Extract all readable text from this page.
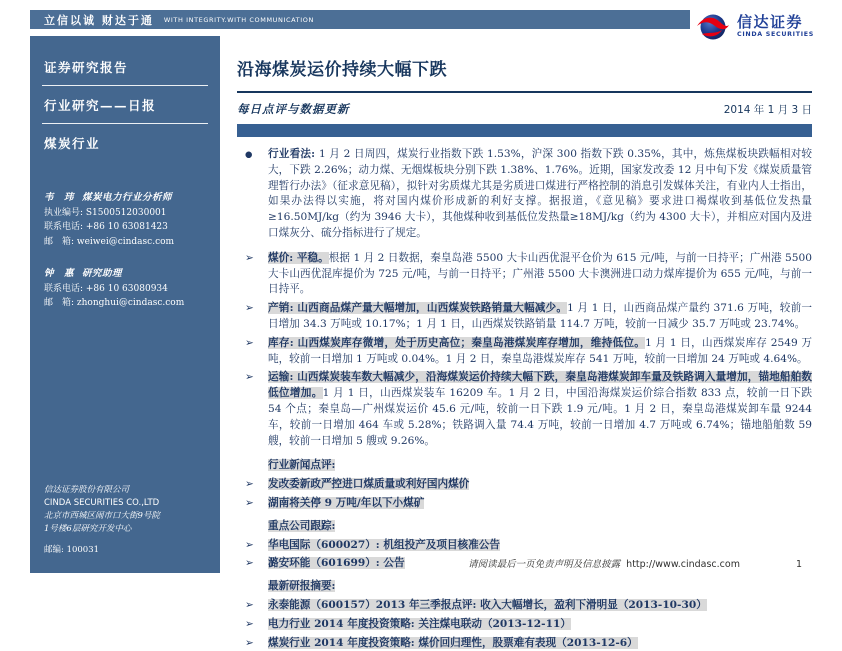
立信以诚 财达于通 WITH INTEGRITY.WITH COMMUNICATION	信达证券
CINDA SECURITIES
证券研究报告
行业研究——日报
煤炭行业
韦　玮 煤炭电力行业分析师
执业编号: S1500512030001
联系电话: +86 10 63081423
邮　箱: weiwei@cindasc.com
钟　惠 研究助理
联系电话: +86 10 63080934
邮　箱: zhonghui@cindasc.com
信达证券股份有限公司
CINDA SECURITIES CO.,LTD
北京市西城区闹市口大街9号院
1号楼6层研究开发中心
邮编: 100031
沿海煤炭运价持续大幅下跌
每日点评与数据更新	2014 年 1 月 3 日
● 行业看法: 1 月 2 日周四，煤炭行业指数下跌 1.53%，沪深 300 指数下跌 0.35%，其中，炼焦煤板块跌幅相对较大，下跌 2.26%；动力煤、无烟煤板块分别下跌 1.38%、1.76%。近期，国家发改委 12 月中旬下发《煤炭质量管理暂行办法》（征求意见稿），拟针对劣质煤尤其是劣质进口煤进行严格控制的消息引发媒体关注，有业内人士指出，如果办法得以实施，将对国内煤价形成新的利好支撑。据报道，《意见稿》要求进口褐煤收到基低位发热量≥16.50MJ/kg（约为 3946 大卡），其他煤种收到基低位发热量≥18MJ/kg（约为 4300 大卡），并相应对国内及进口煤灰分、硫分指标进行了规定。
➢ 煤价: 平稳。根据 1 月 2 日数据，秦皇岛港 5500 大卡山西优混平仓价为 615 元/吨，与前一日持平；广州港 5500 大卡山西优混库提价为 725 元/吨，与前一日持平；广州港 5500 大卡澳洲进口动力煤库提价为 655 元/吨，与前一日持平。
➢ 产销: 山西商品煤产量大幅增加，山西煤炭铁路销量大幅减少。1 月 1 日，山西商品煤产量约 371.6 万吨，较前一日增加 34.3 万吨或 10.17%；1 月 1 日，山西煤炭铁路销量 114.7 万吨，较前一日减少 35.7 万吨或 23.74%。
➢ 库存: 山西煤炭库存微增，处于历史高位；秦皇岛港煤炭库存增加，维持低位。1 月 1 日，山西煤炭库存 2549 万吨，较前一日增加 1 万吨或 0.04%。1 月 2 日，秦皇岛港煤炭库存 541 万吨，较前一日增加 24 万吨或 4.64%。
➢ 运输: 山西煤炭装车数大幅减少，沿海煤炭运价持续大幅下跌，秦皇岛港煤炭卸车量及铁路调入量增加，锚地船舶数低位增加。1 月 1 日，山西煤炭装车 16209 车。1 月 2 日，中国沿海煤炭运价综合指数 833 点，较前一日下跌 54 个点；秦皇岛—广州煤炭运价 45.6 元/吨，较前一日下跌 1.9 元/吨。1 月 2 日，秦皇岛港煤炭卸车量 9244 车，较前一日增加 464 车或 5.28%；铁路调入量 74.4 万吨，较前一日增加 4.7 万吨或 6.74%；锚地船舶数 59 艘，较前一日增加 5 艘或 9.26%。
行业新闻点评:
➢ 发改委新政严控进口煤质量或利好国内煤价
➢ 湖南将关停 9 万吨/年以下小煤矿
重点公司跟踪:
➢ 华电国际（600027）: 机组投产及项目核准公告
➢ 潞安环能（601699）: 公告
最新研报摘要:
➢ 永泰能源（600157）2013 年三季报点评: 收入大幅增长，盈利下滑明显（2013-10-30）
➢ 电力行业 2014 年度投资策略: 关注煤电联动（2013-12-11）
➢ 煤炭行业 2014 年度投资策略: 煤价回归理性，股票难有表现（2013-12-6）
请阅读最后一页免责声明及信息披露 http://www.cindasc.com	1
